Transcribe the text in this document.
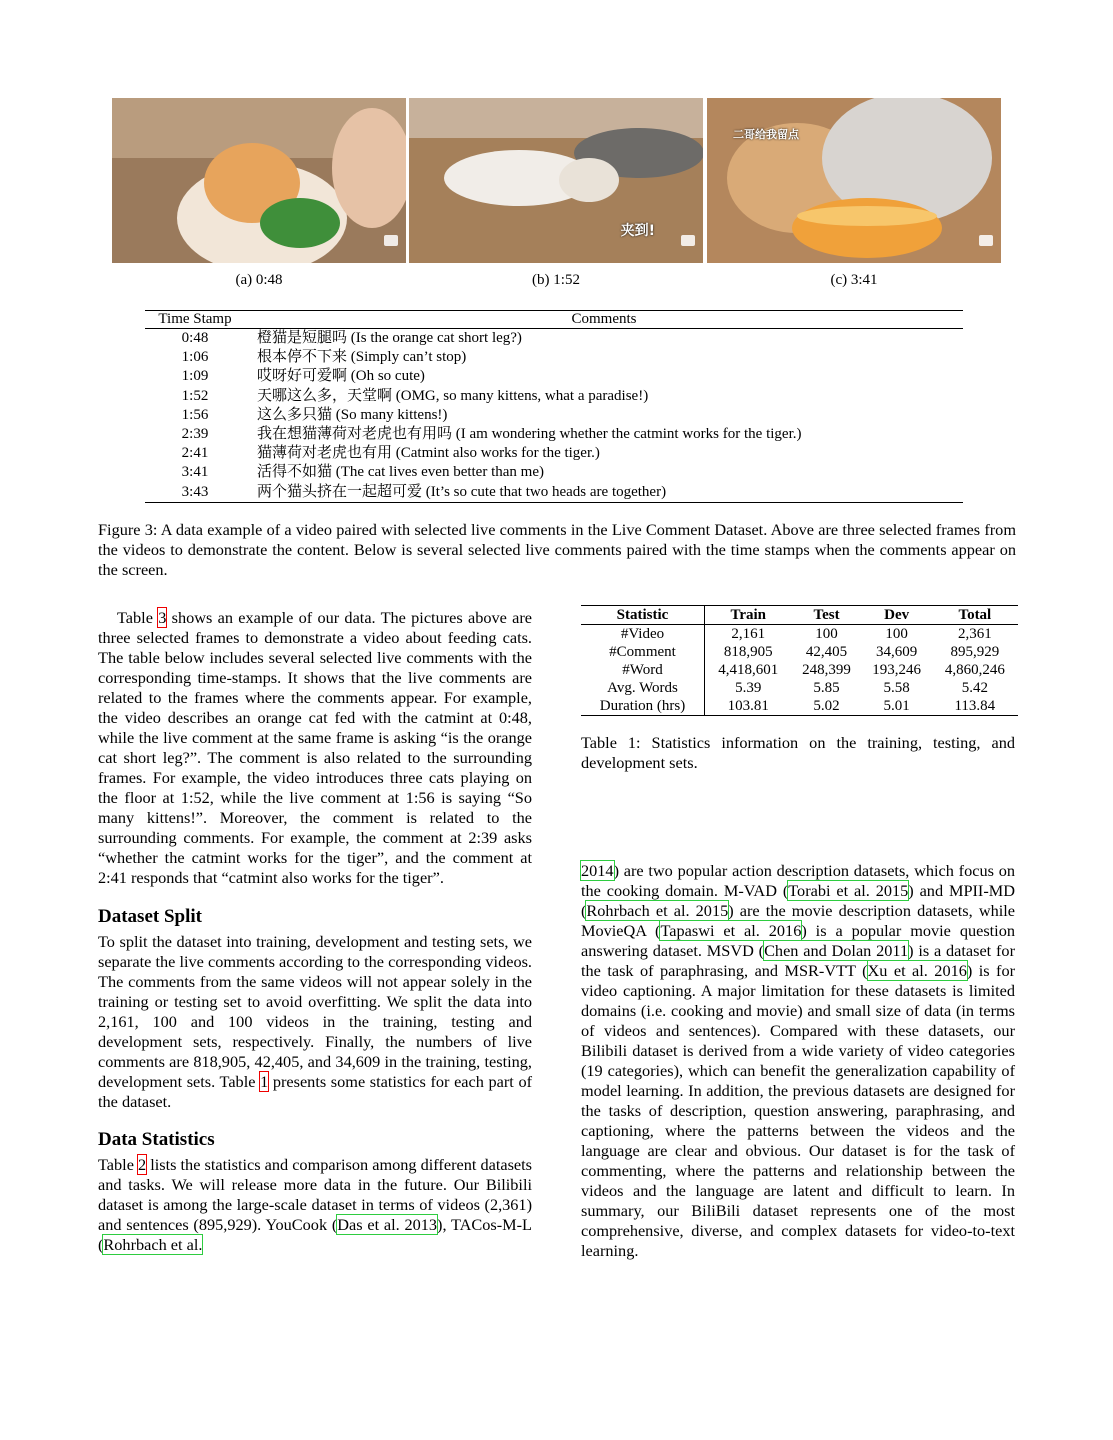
夹到!
二哥给我留点
(a) 0:48	(b) 1:52	(c) 3:41
Time Stamp	Comments
0:48	橙猫是短腿吗 (Is the orange cat short leg?)
1:06	根本停不下来 (Simply can’t stop)
1:09	哎呀好可爱啊 (Oh so cute)
1:52	天哪这么多，天堂啊 (OMG, so many kittens, what a paradise!)
1:56	这么多只猫 (So many kittens!)
2:39	我在想猫薄荷对老虎也有用吗 (I am wondering whether the catmint works for the tiger.)
2:41	猫薄荷对老虎也有用 (Catmint also works for the tiger.)
3:41	活得不如猫 (The cat lives even better than me)
3:43	两个猫头挤在一起超可爱 (It’s so cute that two heads are together)
Figure 3: A data example of a video paired with selected live comments in the Live Comment Dataset. Above are three selected frames from the videos to demonstrate the content. Below is several selected live comments paired with the time stamps when the comments appear on the screen.

Table 3 shows an example of our data. The pictures above are three selected frames to demonstrate a video about feeding cats. The table below includes several selected live comments with the corresponding time-stamps. It shows that the live comments are related to the frames where the comments appear. For example, the video describes an orange cat fed with the catmint at 0:48, while the live comment at the same frame is asking “is the orange cat short leg?”. The comment is also related to the surrounding frames. For example, the video introduces three cats playing on the floor at 1:52, while the live comment at 1:56 is saying “So many kittens!”. Moreover, the comment is related to the surrounding comments. For example, the comment at 2:39 asks “whether the catmint works for the tiger”, and the comment at 2:41 responds that “catmint also works for the tiger”.

Dataset Split

To split the dataset into training, development and testing sets, we separate the live comments according to the corresponding videos. The comments from the same videos will not appear solely in the training or testing set to avoid overfitting. We split the data into 2,161, 100 and 100 videos in the training, testing and development sets, respectively. Finally, the numbers of live comments are 818,905, 42,405, and 34,609 in the training, testing, development sets. Table 1 presents some statistics for each part of the dataset.

Data Statistics

Table 2 lists the statistics and comparison among different datasets and tasks. We will release more data in the future. Our Bilibili dataset is among the large-scale dataset in terms of videos (2,361) and sentences (895,929). YouCook (Das et al. 2013), TACos-M-L (Rohrbach et al.

Statistic	Train	Test	Dev	Total
#Video	2,161	100	100	2,361
#Comment	818,905	42,405	34,609	895,929
#Word	4,418,601	248,399	193,246	4,860,246
Avg. Words	5.39	5.85	5.58	5.42
Duration (hrs)	103.81	5.02	5.01	113.84
Table 1: Statistics information on the training, testing, and development sets.

2014) are two popular action description datasets, which focus on the cooking domain. M-VAD (Torabi et al. 2015) and MPII-MD (Rohrbach et al. 2015) are the movie description datasets, while MovieQA (Tapaswi et al. 2016) is a popular movie question answering dataset. MSVD (Chen and Dolan 2011) is a dataset for the task of paraphrasing, and MSR-VTT (Xu et al. 2016) is for video captioning. A major limitation for these datasets is limited domains (i.e. cooking and movie) and small size of data (in terms of videos and sentences). Compared with these datasets, our Bilibili dataset is derived from a wide variety of video categories (19 categories), which can benefit the generalization capability of model learning. In addition, the previous datasets are designed for the tasks of description, question answering, paraphrasing, and captioning, where the patterns between the videos and the language are clear and obvious. Our dataset is for the task of commenting, where the patterns and relationship between the videos and the language are latent and difficult to learn. In summary, our BiliBili dataset represents one of the most comprehensive, diverse, and complex datasets for video-to-text learning.
